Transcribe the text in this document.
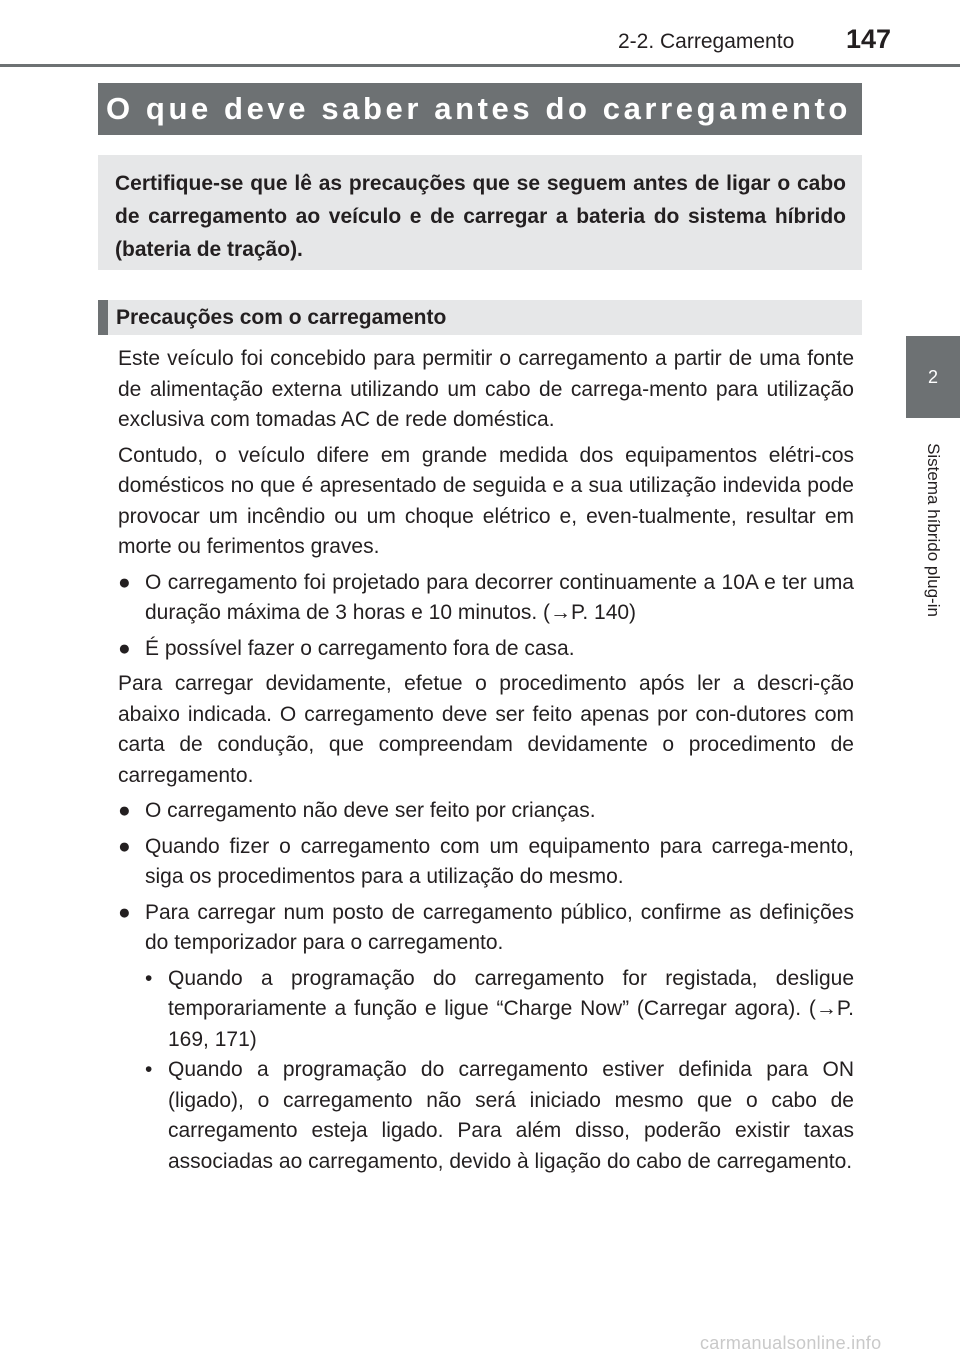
2-2. Carregamento 147
2
Sistema híbrido plug-in
O que deve saber antes do carregamento
Certifique-se que lê as precauções que se seguem antes de ligar o cabo de carregamento ao veículo e de carregar a bateria do sistema híbrido (bateria de tração).
Precauções com o carregamento

Este veículo foi concebido para permitir o carregamento a partir de uma fonte de alimentação externa utilizando um cabo de carrega-mento para utilização exclusiva com tomadas AC de rede doméstica.

Contudo, o veículo difere em grande medida dos equipamentos elétri-cos domésticos no que é apresentado de seguida e a sua utilização indevida pode provocar um incêndio ou um choque elétrico e, even-tualmente, resultar em morte ou ferimentos graves.

● O carregamento foi projetado para decorrer continuamente a 10A e ter uma duração máxima de 3 horas e 10 minutos. (→P. 140)
● É possível fazer o carregamento fora de casa.

Para carregar devidamente, efetue o procedimento após ler a descri-ção abaixo indicada. O carregamento deve ser feito apenas por con-dutores com carta de condução, que compreendam devidamente o procedimento de carregamento.

● O carregamento não deve ser feito por crianças.
● Quando fizer o carregamento com um equipamento para carrega-mento, siga os procedimentos para a utilização do mesmo.
● Para carregar num posto de carregamento público, confirme as definições do temporizador para o carregamento.
• Quando a programação do carregamento for registada, desligue temporariamente a função e ligue “Charge Now” (Carregar agora). (→P. 169, 171)
• Quando a programação do carregamento estiver definida para ON (ligado), o carregamento não será iniciado mesmo que o cabo de carregamento esteja ligado. Para além disso, poderão existir taxas associadas ao carregamento, devido à ligação do cabo de carregamento.
carmanualsonline.info
